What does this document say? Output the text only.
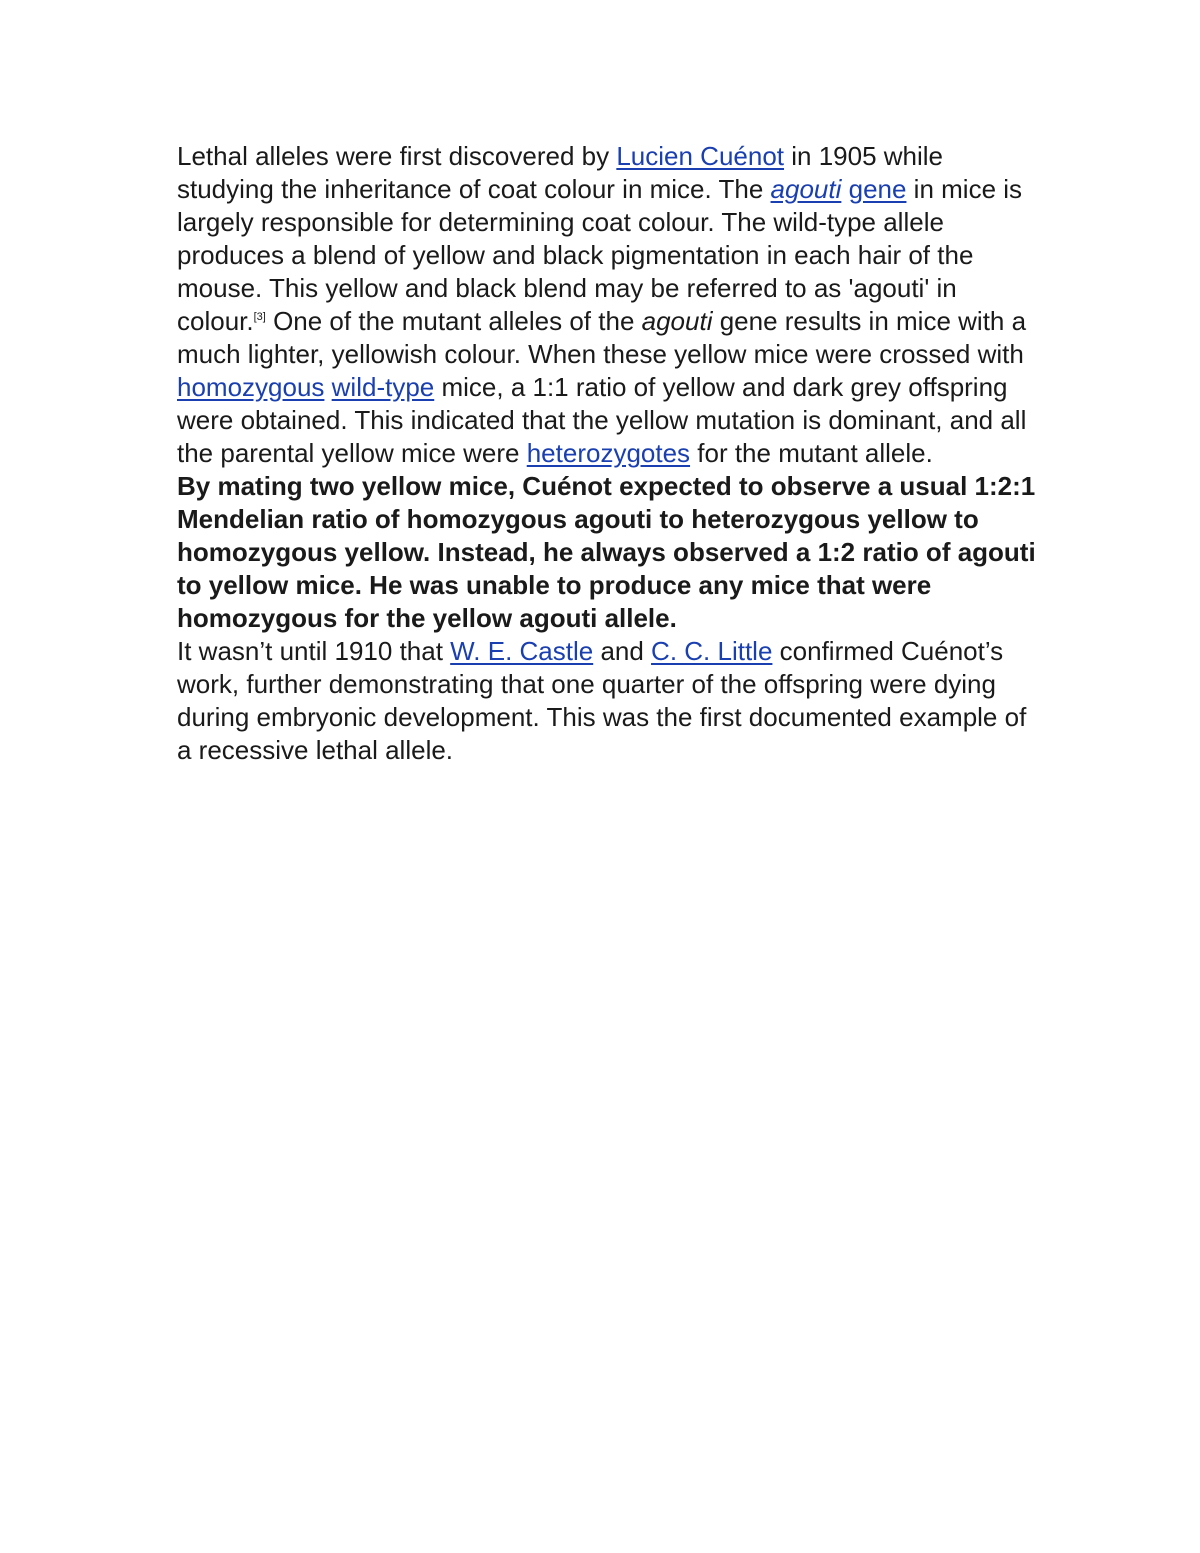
Lethal alleles were first discovered by Lucien Cuénot in 1905 while studying the inheritance of coat colour in mice. The agouti gene in mice is largely responsible for determining coat colour. The wild-type allele produces a blend of yellow and black pigmentation in each hair of the mouse. This yellow and black blend may be referred to as 'agouti' in colour.[3] One of the mutant alleles of the agouti gene results in mice with a much lighter, yellowish colour. When these yellow mice were crossed with homozygous wild-type mice, a 1:1 ratio of yellow and dark grey offspring were obtained. This indicated that the yellow mutation is dominant, and all the parental yellow mice were heterozygotes for the mutant allele.

By mating two yellow mice, Cuénot expected to observe a usual 1:2:1 Mendelian ratio of homozygous agouti to heterozygous yellow to homozygous yellow. Instead, he always observed a 1:2 ratio of agouti to yellow mice. He was unable to produce any mice that were homozygous for the yellow agouti allele.

It wasn’t until 1910 that W. E. Castle and C. C. Little confirmed Cuénot’s work, further demonstrating that one quarter of the offspring were dying during embryonic development. This was the first documented example of a recessive lethal allele.
